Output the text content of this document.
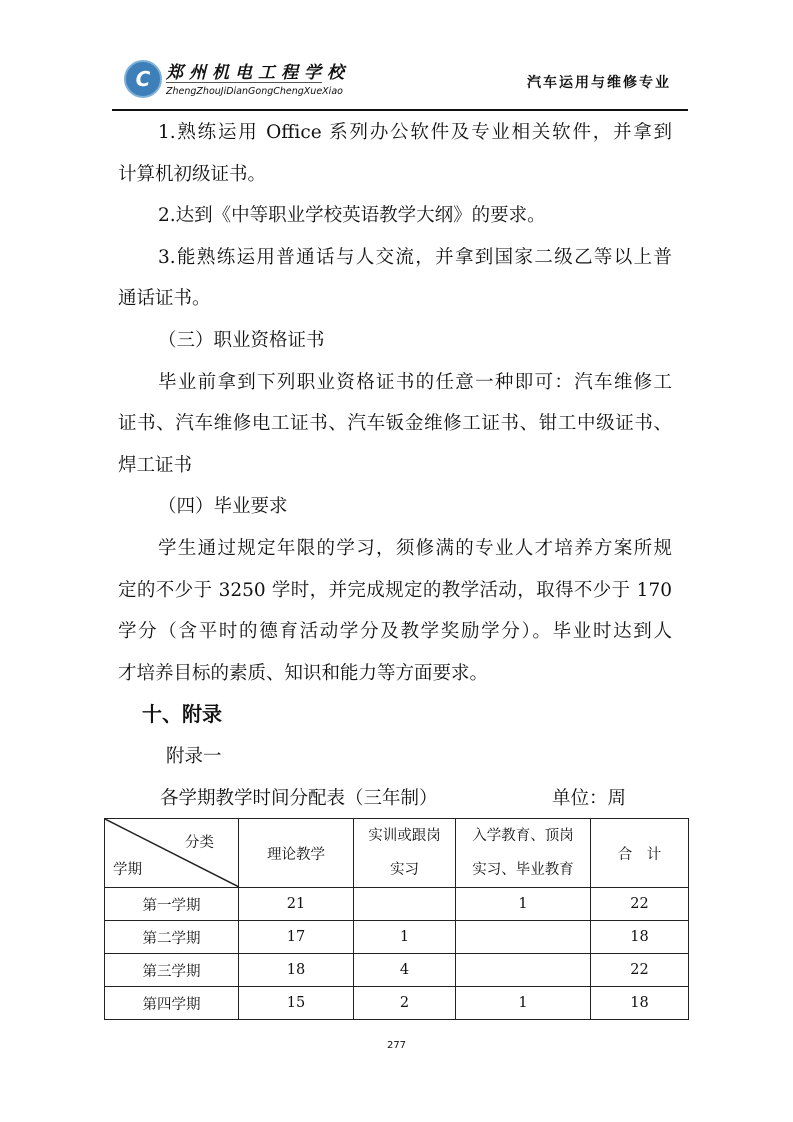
C 郑州机电工程学校
ZhengZhouJiDianGongChengXueXiao
汽车运用与维修专业
1.熟练运用 Office 系列办公软件及专业相关软件，并拿到
计算机初级证书。
2.达到《中等职业学校英语教学大纲》的要求。
3.能熟练运用普通话与人交流，并拿到国家二级乙等以上普
通话证书。
（三）职业资格证书
毕业前拿到下列职业资格证书的任意一种即可：汽车维修工
证书、汽车维修电工证书、汽车钣金维修工证书、钳工中级证书、
焊工证书
（四）毕业要求
学生通过规定年限的学习，须修满的专业人才培养方案所规
定的不少于 3250 学时，并完成规定的教学活动，取得不少于 170
学分（含平时的德育活动学分及教学奖励学分）。毕业时达到人
才培养目标的素质、知识和能力等方面要求。
十、附录
附录一
各学期教学时间分配表（三年制）	单位：周
分类
学期	理论教学	实训或跟岗
实习	入学教育、顶岗
实习、毕业教育	合　计
第一学期	21		1	22
第二学期	17	1		18
第三学期	18	4		22
第四学期	15	2	1	18
277
